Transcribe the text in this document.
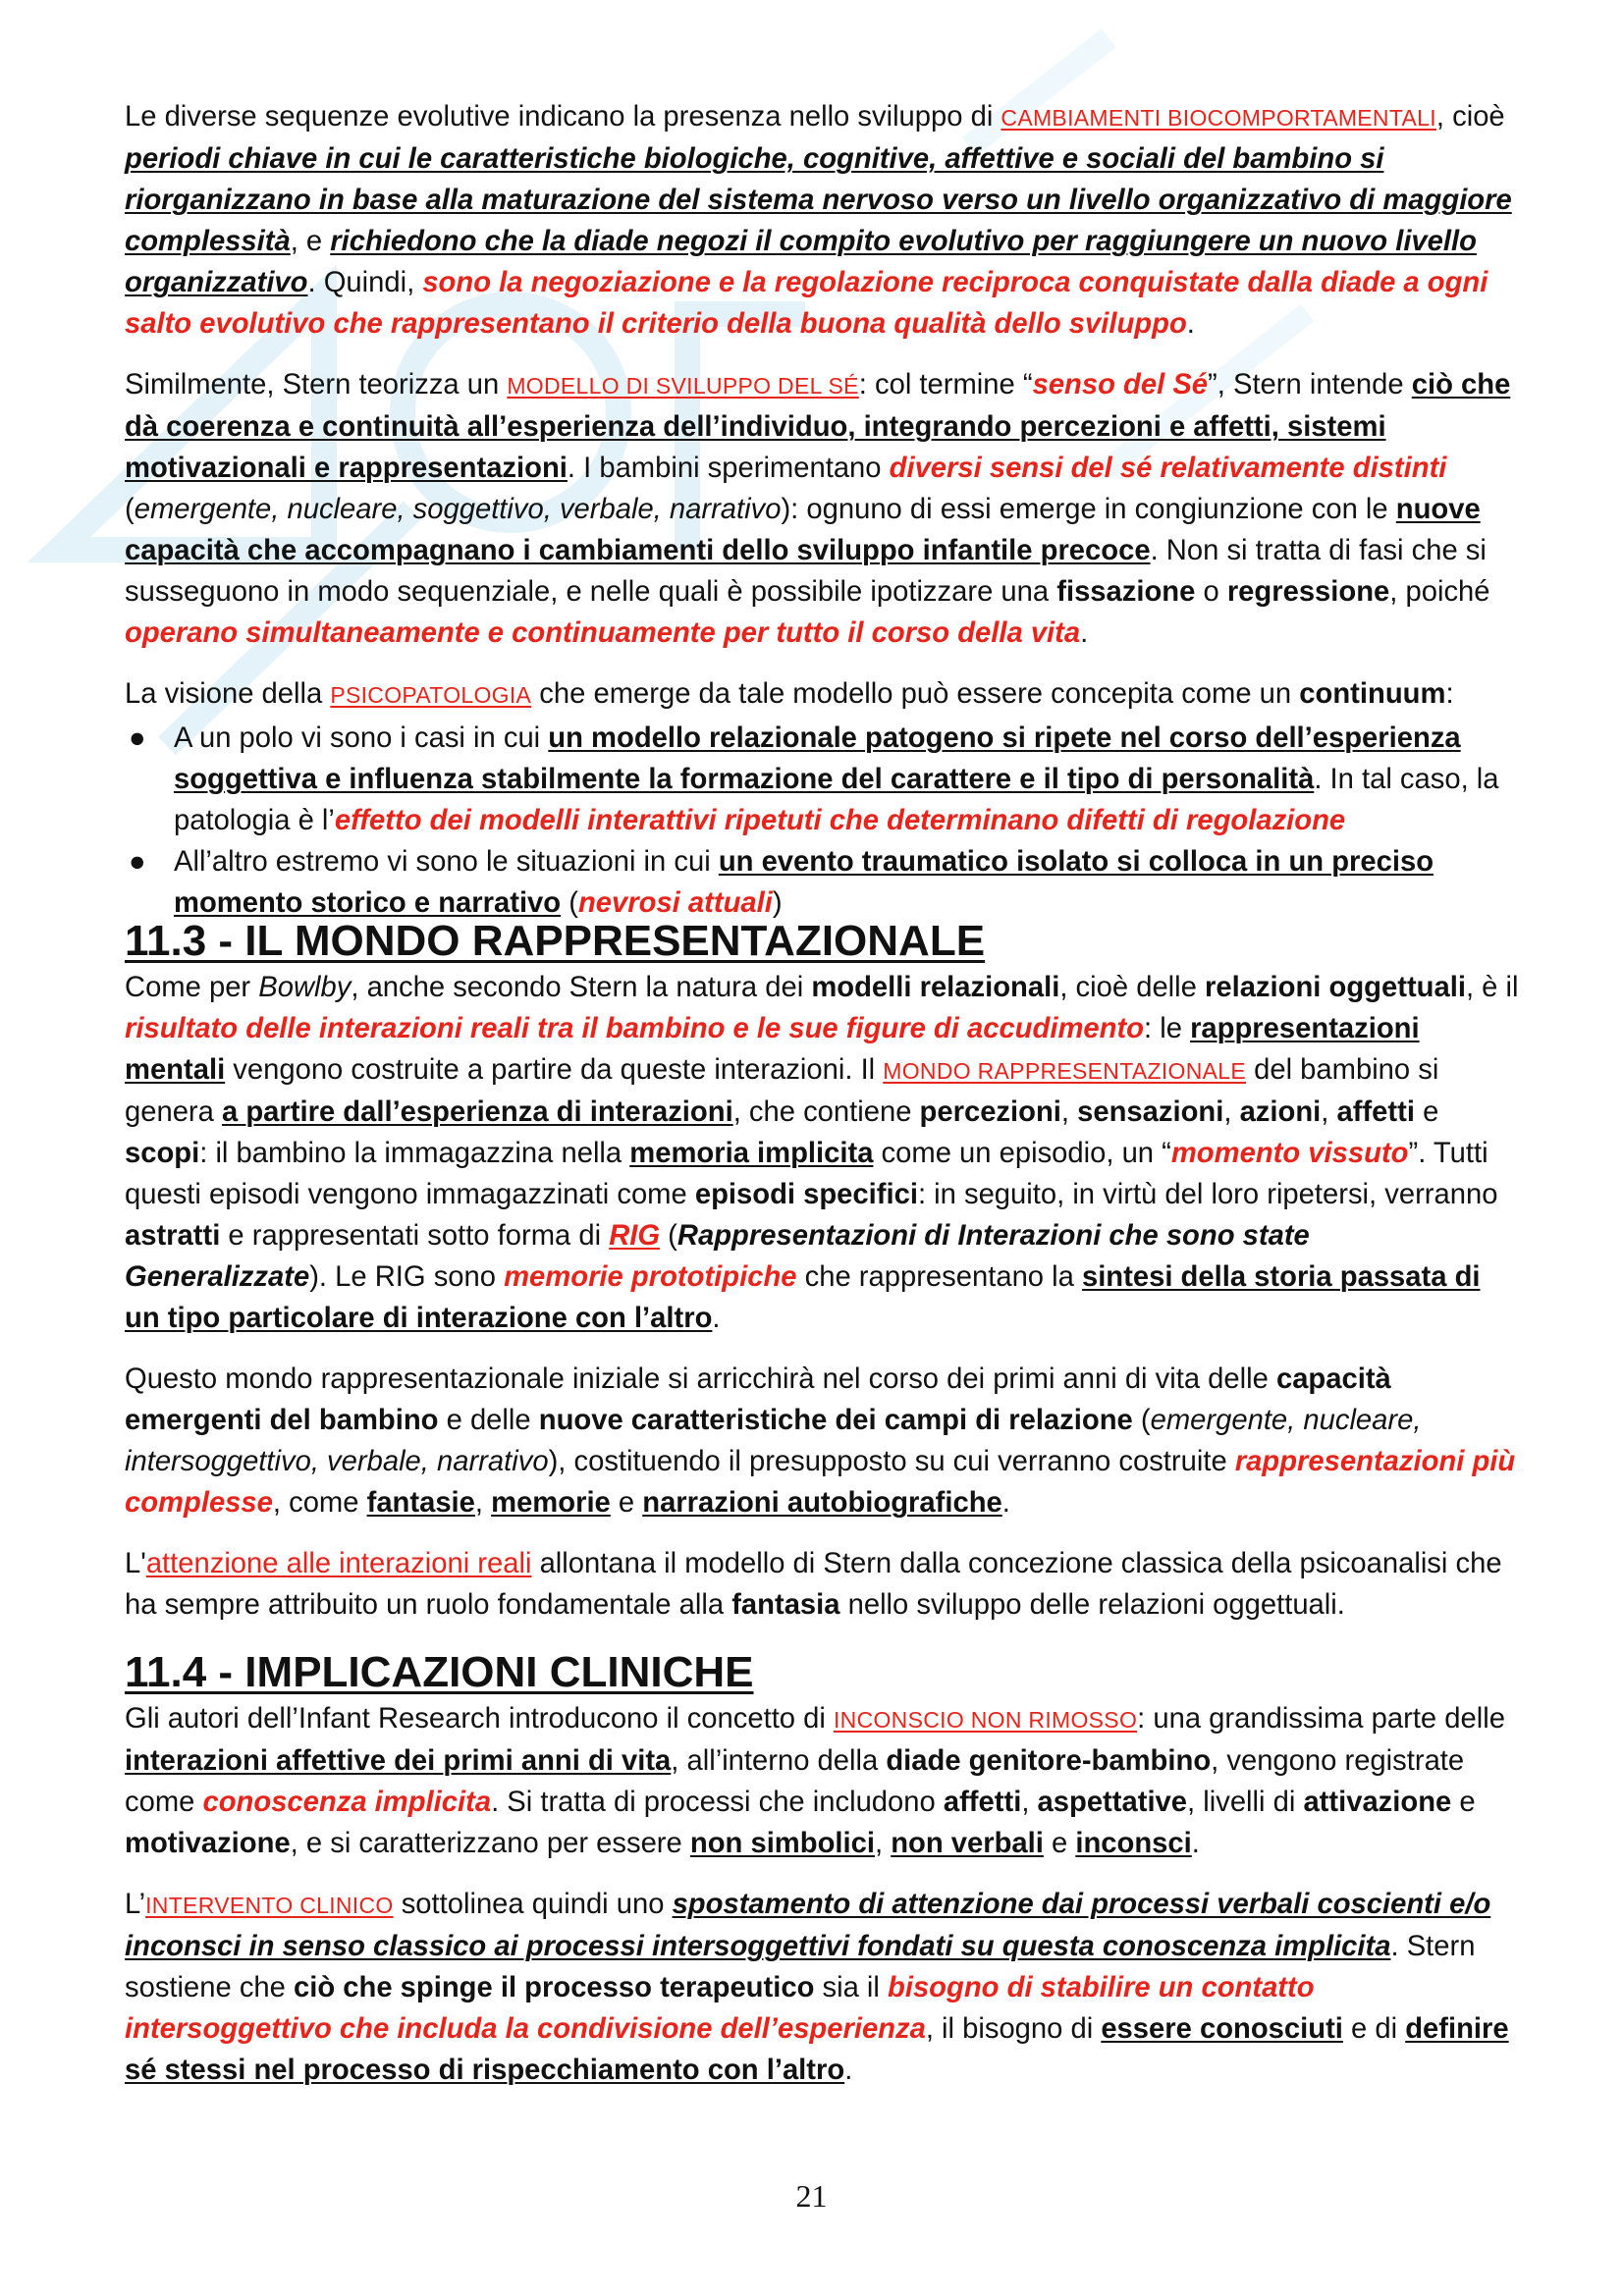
Le diverse sequenze evolutive indicano la presenza nello sviluppo di CAMBIAMENTI BIOCOMPORTAMENTALI, cioè periodi chiave in cui le caratteristiche biologiche, cognitive, affettive e sociali del bambino si riorganizzano in base alla maturazione del sistema nervoso verso un livello organizzativo di maggiore complessità, e richiedono che la diade negozi il compito evolutivo per raggiungere un nuovo livello organizzativo. Quindi, sono la negoziazione e la regolazione reciproca conquistate dalla diade a ogni salto evolutivo che rappresentano il criterio della buona qualità dello sviluppo.

Similmente, Stern teorizza un MODELLO DI SVILUPPO DEL SÉ: col termine “senso del Sé”, Stern intende ciò che dà coerenza e continuità all’esperienza dell’individuo, integrando percezioni e affetti, sistemi motivazionali e rappresentazioni. I bambini sperimentano diversi sensi del sé relativamente distinti (emergente, nucleare, soggettivo, verbale, narrativo): ognuno di essi emerge in congiunzione con le nuove capacità che accompagnano i cambiamenti dello sviluppo infantile precoce. Non si tratta di fasi che si susseguono in modo sequenziale, e nelle quali è possibile ipotizzare una fissazione o regressione, poiché operano simultaneamente e continuamente per tutto il corso della vita.

La visione della PSICOPATOLOGIA che emerge da tale modello può essere concepita come un continuum:

● A un polo vi sono i casi in cui un modello relazionale patogeno si ripete nel corso dell’esperienza soggettiva e influenza stabilmente la formazione del carattere e il tipo di personalità. In tal caso, la patologia è l’effetto dei modelli interattivi ripetuti che determinano difetti di regolazione
● All’altro estremo vi sono le situazioni in cui un evento traumatico isolato si colloca in un preciso momento storico e narrativo (nevrosi attuali)
11.3 - IL MONDO RAPPRESENTAZIONALE

Come per Bowlby, anche secondo Stern la natura dei modelli relazionali, cioè delle relazioni oggettuali, è il risultato delle interazioni reali tra il bambino e le sue figure di accudimento: le rappresentazioni mentali vengono costruite a partire da queste interazioni. Il MONDO RAPPRESENTAZIONALE del bambino si genera a partire dall’esperienza di interazioni, che contiene percezioni, sensazioni, azioni, affetti e scopi: il bambino la immagazzina nella memoria implicita come un episodio, un “momento vissuto”. Tutti questi episodi vengono immagazzinati come episodi specifici: in seguito, in virtù del loro ripetersi, verranno astratti e rappresentati sotto forma di RIG (Rappresentazioni di Interazioni che sono state Generalizzate). Le RIG sono memorie prototipiche che rappresentano la sintesi della storia passata di un tipo particolare di interazione con l’altro.

Questo mondo rappresentazionale iniziale si arricchirà nel corso dei primi anni di vita delle capacità emergenti del bambino e delle nuove caratteristiche dei campi di relazione (emergente, nucleare, intersoggettivo, verbale, narrativo), costituendo il presupposto su cui verranno costruite rappresentazioni più complesse, come fantasie, memorie e narrazioni autobiografiche.

L'attenzione alle interazioni reali allontana il modello di Stern dalla concezione classica della psicoanalisi che ha sempre attribuito un ruolo fondamentale alla fantasia nello sviluppo delle relazioni oggettuali.

11.4 - IMPLICAZIONI CLINICHE

Gli autori dell’Infant Research introducono il concetto di INCONSCIO NON RIMOSSO: una grandissima parte delle interazioni affettive dei primi anni di vita, all’interno della diade genitore-bambino, vengono registrate come conoscenza implicita. Si tratta di processi che includono affetti, aspettative, livelli di attivazione e motivazione, e si caratterizzano per essere non simbolici, non verbali e inconsci.

L’INTERVENTO CLINICO sottolinea quindi uno spostamento di attenzione dai processi verbali coscienti e/o inconsci in senso classico ai processi intersoggettivi fondati su questa conoscenza implicita. Stern sostiene che ciò che spinge il processo terapeutico sia il bisogno di stabilire un contatto intersoggettivo che includa la condivisione dell’esperienza, il bisogno di essere conosciuti e di definire sé stessi nel processo di rispecchiamento con l’altro.

21
